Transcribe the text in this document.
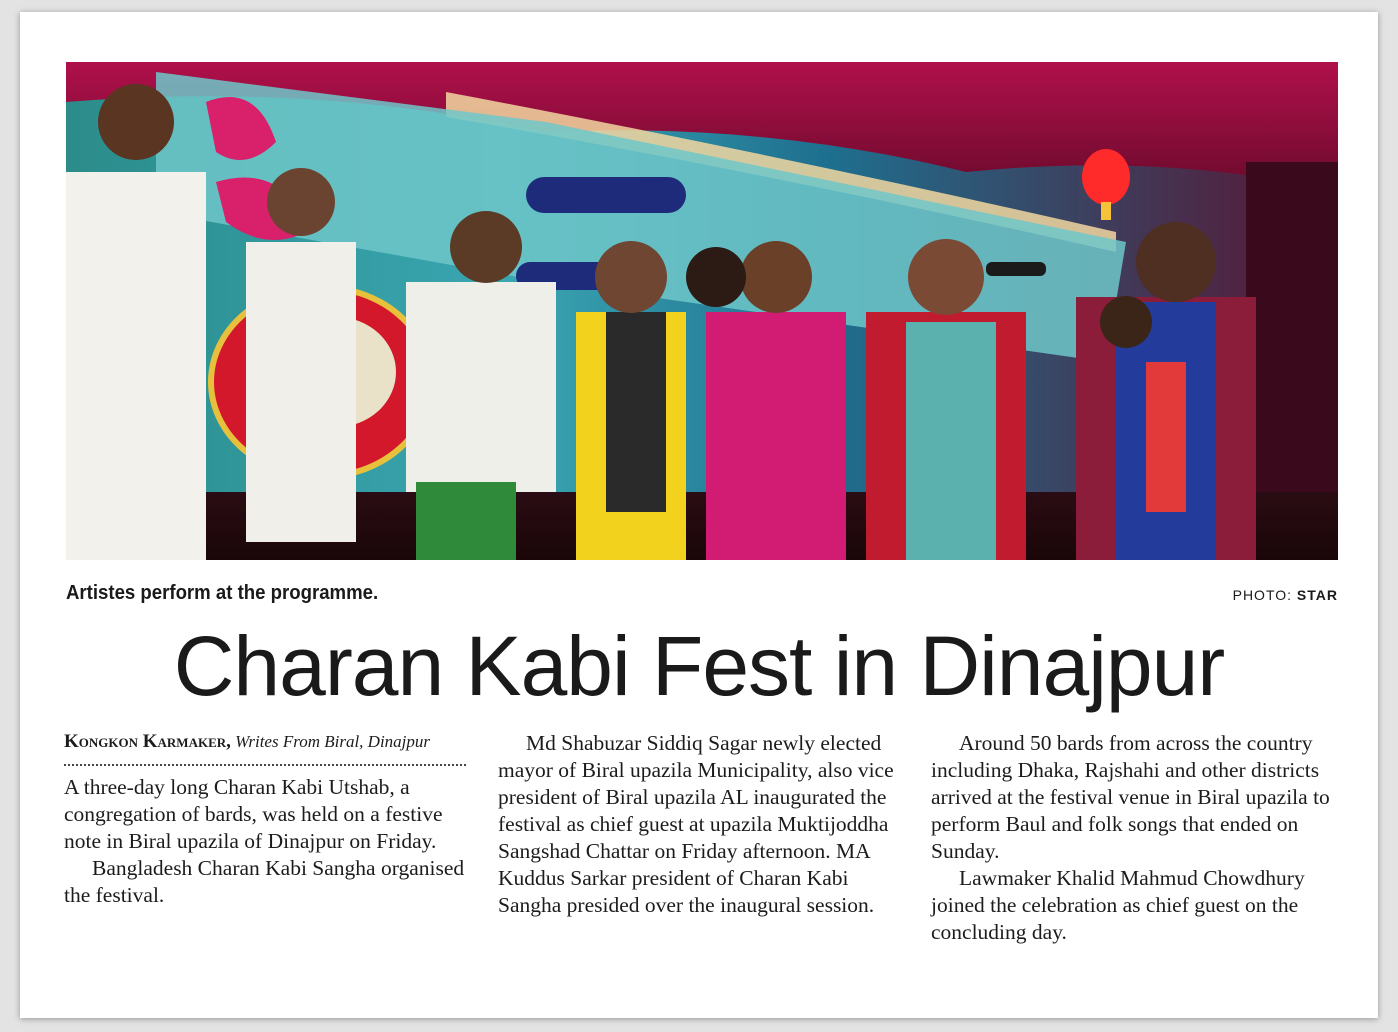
Artistes perform at the programme.	PHOTO: STAR
Charan Kabi Fest in Dinajpur
Kongkon Karmaker, Writes From Biral, Dinajpur

A three-day long Charan Kabi Utshab, a congregation of bards, was held on a festive note in Biral upazila of Dinajpur on Friday.

Bangladesh Charan Kabi Sangha organised the festival.

Md Shabuzar Siddiq Sagar newly elected mayor of Biral upazila Municipality, also vice president of Biral upazila AL inaugurated the festival as chief guest at upazila Muktijoddha Sangshad Chattar on Friday afternoon. MA Kuddus Sarkar president of Charan Kabi Sangha presided over the inaugural session.

Around 50 bards from across the country including Dhaka, Rajshahi and other districts arrived at the festival venue in Biral upazila to perform Baul and folk songs that ended on Sunday.

Lawmaker Khalid Mahmud Chowdhury joined the celebration as chief guest on the concluding day.
